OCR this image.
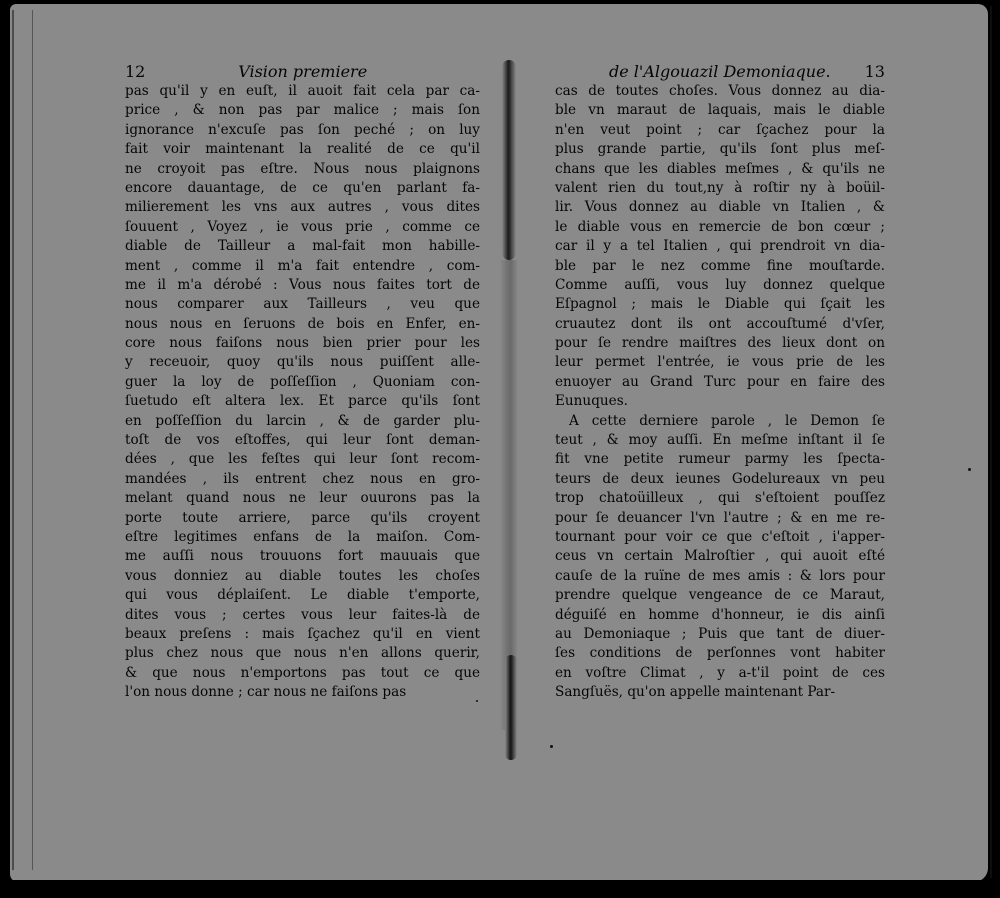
12	Vision premiere
pas qu'il y en euſt, il auoit fait cela par ca-
price , & non pas par malice ; mais ſon
ignorance n'excuſe pas ſon peché ; on luy
fait voir maintenant la realité de ce qu'il
ne croyoit pas eſtre. Nous nous plaignons
encore dauantage, de ce qu'en parlant fa-
milierement les vns aux autres , vous dites
ſouuent , Voyez , ie vous prie , comme ce
diable de Tailleur a mal-fait mon habille-
ment , comme il m'a fait entendre , com-
me il m'a dérobé : Vous nous faites tort de
nous comparer aux Tailleurs , veu que
nous nous en ſeruons de bois en Enfer, en-
core nous faiſons nous bien prier pour les
y receuoir, quoy qu'ils nous puiſſent alle-
guer la loy de poſſeſſion , Quoniam con-
ſuetudo eſt altera lex. Et parce qu'ils ſont
en poſſeſſion du larcin , & de garder plu-
toſt de vos eſtoffes, qui leur ſont deman-
dées , que les feſtes qui leur ſont recom-
mandées , ils entrent chez nous en gro-
melant quand nous ne leur ouurons pas la
porte toute arriere, parce qu'ils croyent
eſtre legitimes enfans de la maiſon. Com-
me auſſi nous trouuons fort mauuais que
vous donniez au diable toutes les choſes
qui vous déplaiſent. Le diable t'emporte,
dites vous ; certes vous leur faites-là de
beaux preſens : mais ſçachez qu'il en vient
plus chez nous que nous n'en allons querir,
& que nous n'emportons pas tout ce que
l'on nous donne ; car nous ne faiſons pas
de l'Algouazil Demoniaque. 13
cas de toutes choſes. Vous donnez au dia-
ble vn maraut de laquais, mais le diable
n'en veut point ; car ſçachez pour la
plus grande partie, qu'ils ſont plus meſ-
chans que les diables meſmes , & qu'ils ne
valent rien du tout,ny à roſtir ny à boüil-
lir. Vous donnez au diable vn Italien , &
le diable vous en remercie de bon cœur ;
car il y a tel Italien , qui prendroit vn dia-
ble par le nez comme fine mouſtarde.
Comme auſſi, vous luy donnez quelque
Eſpagnol ; mais le Diable qui ſçait les
cruautez dont ils ont accouſtumé d'vſer,
pour ſe rendre maiſtres des lieux dont on
leur permet l'entrée, ie vous prie de les
enuoyer au Grand Turc pour en faire des
Eunuques.
A cette derniere parole , le Demon ſe
teut , & moy auſſi. En meſme inſtant il ſe
fit vne petite rumeur parmy les ſpecta-
teurs de deux ieunes Godelureaux vn peu
trop chatoüilleux , qui s'eſtoient pouſſez
pour ſe deuancer l'vn l'autre ; & en me re-
tournant pour voir ce que c'eſtoit , i'apper-
ceus vn certain Malroſtier , qui auoit eſté
cauſe de la ruïne de mes amis : & lors pour
prendre quelque vengeance de ce Maraut,
déguiſé en homme d'honneur, ie dis ainſi
au Demoniaque ; Puis que tant de diuer-
ſes conditions de perſonnes vont habiter
en voſtre Climat , y a-t'il point de ces
Sangſuës, qu'on appelle maintenant Par-
